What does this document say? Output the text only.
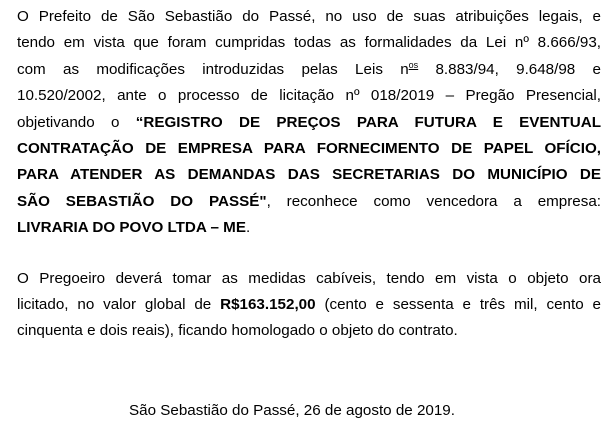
O Prefeito de São Sebastião do Passé, no uso de suas atribuições legais, e
tendo em vista que foram cumpridas todas as formalidades da Lei nº 8.666/93,
com as modificações introduzidas pelas Leis $n^{os}$ 8.883/94, 9.648/98 e
10.520/2002, ante o processo de licitação nº 018/2019 – Pregão Presencial,
objetivando o “REGISTRO DE PREÇOS PARA FUTURA E EVENTUAL
CONTRATAÇÃO DE EMPRESA PARA FORNECIMENTO DE PAPEL OFÍCIO,
PARA ATENDER AS DEMANDAS DAS SECRETARIAS DO MUNICÍPIO DE
SÃO SEBASTIÃO DO PASSÉ", reconhece como vencedora a empresa:
LIVRARIA DO POVO LTDA – ME.

O Pregoeiro deverá tomar as medidas cabíveis, tendo em vista o objeto ora
licitado, no valor global de R$163.152,00 (cento e sessenta e três mil, cento e
cinquenta e dois reais), ficando homologado o objeto do contrato.

São Sebastião do Passé, 26 de agosto de 2019.
